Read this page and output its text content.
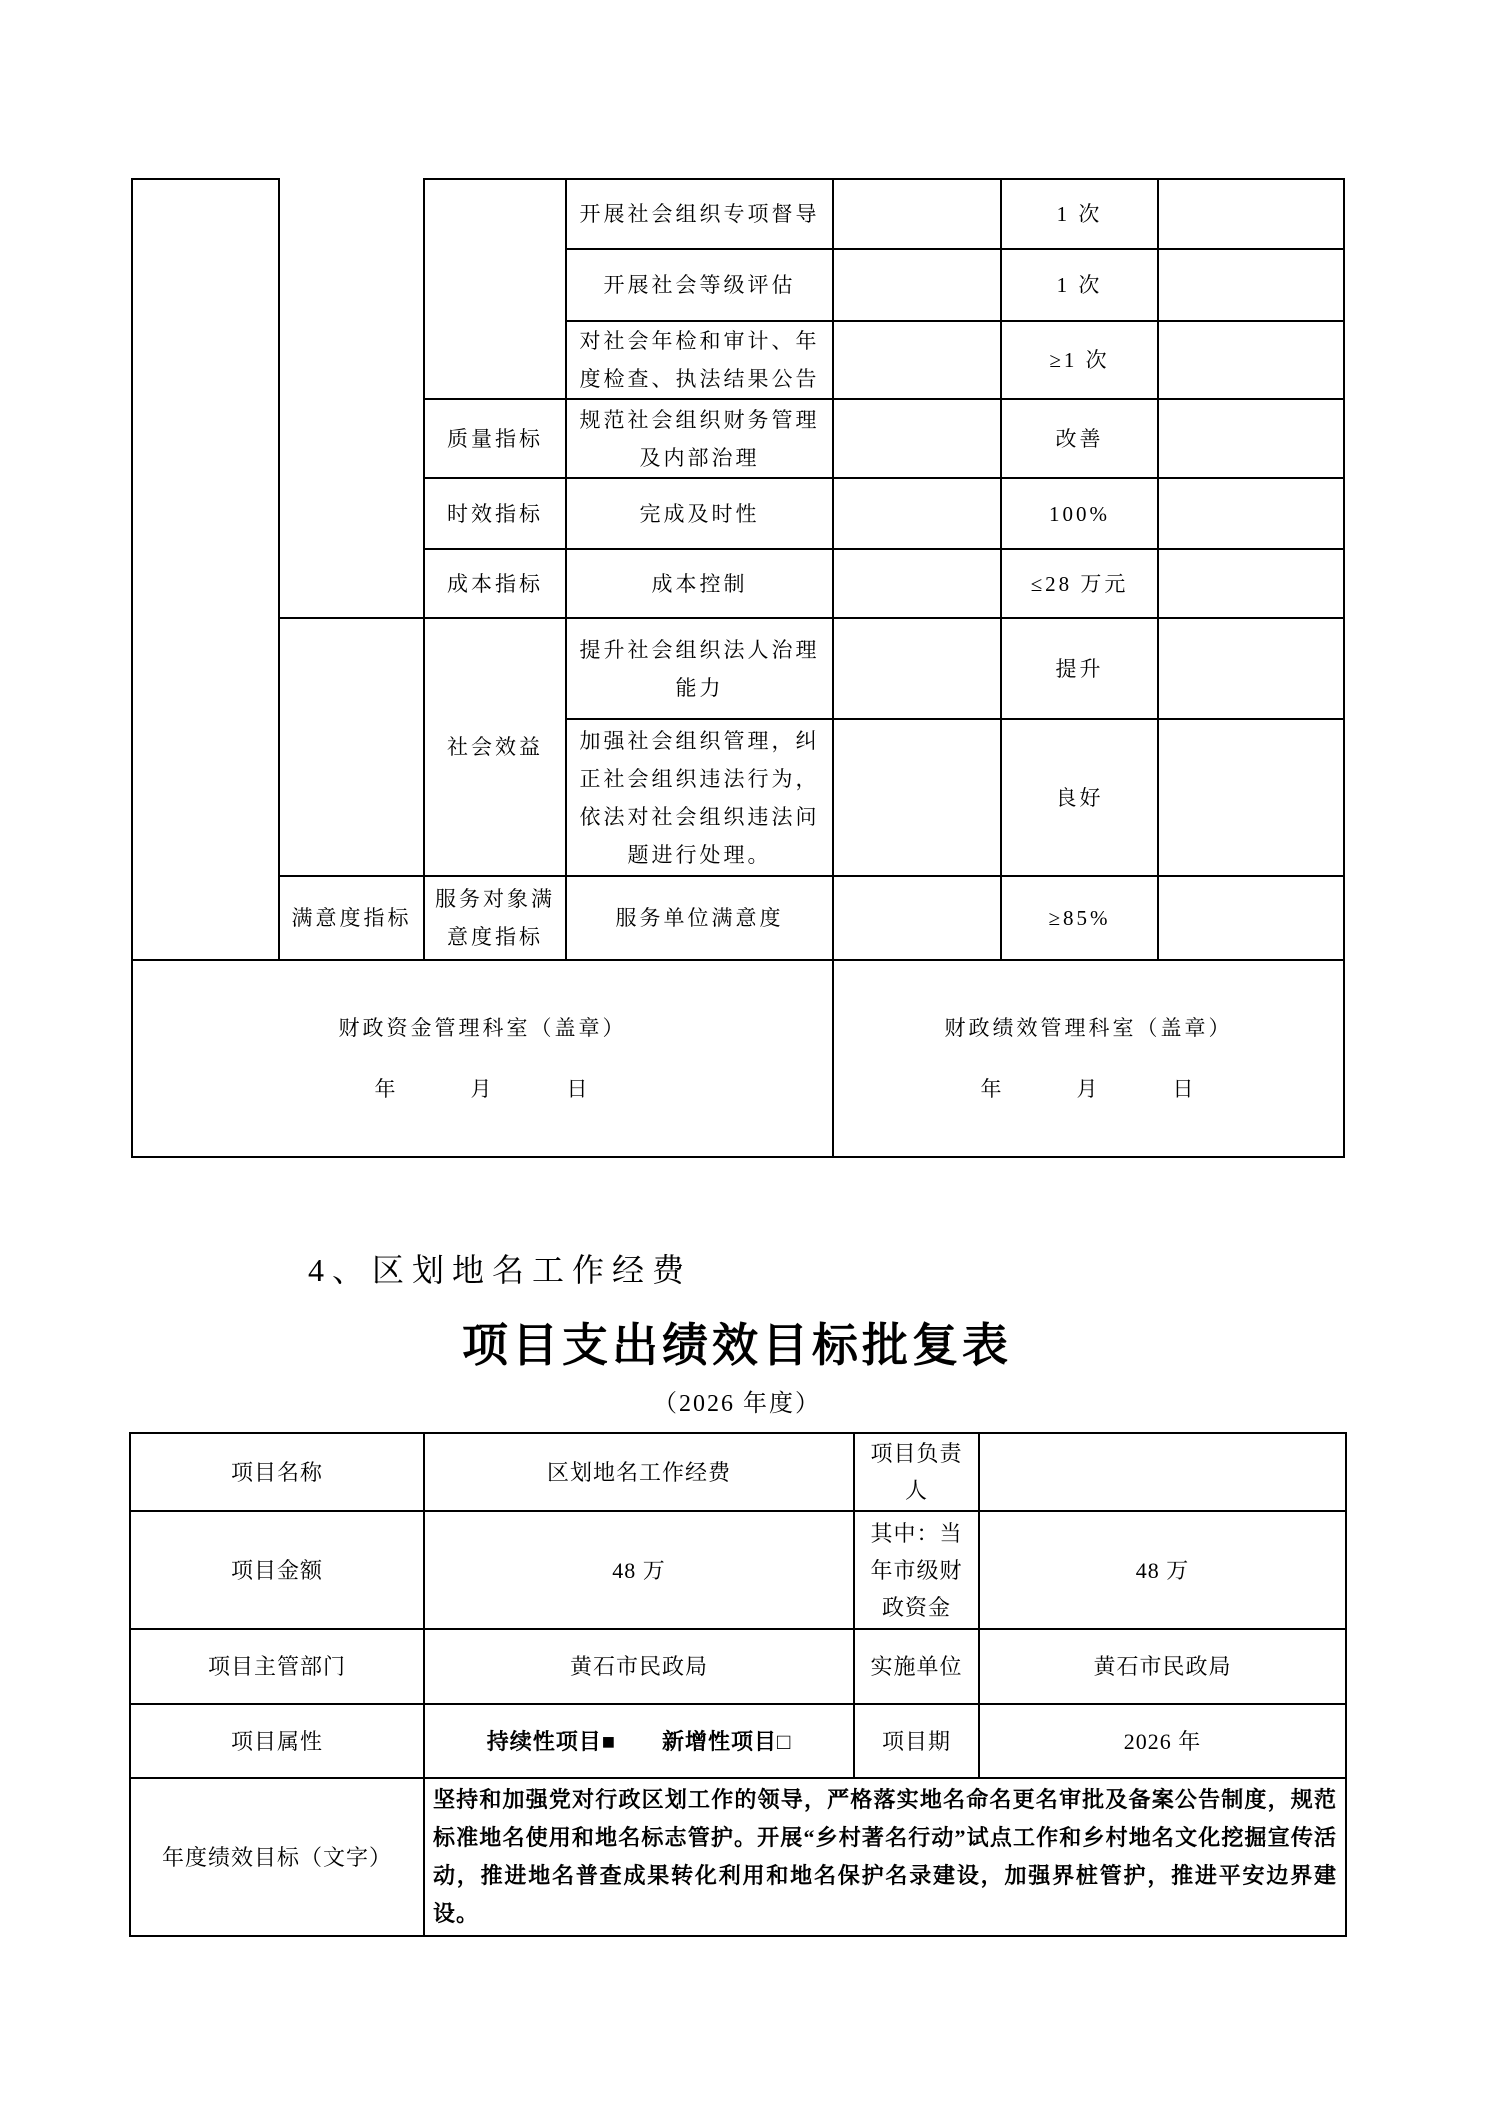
			开展社会组织专项督导		1 次	
			开展社会等级评估		1 次	
			对社会年检和审计、年度检查、执法结果公告		≥1 次	
		质量指标	规范社会组织财务管理及内部治理		改善	
		时效指标	完成及时性		100%	
		成本指标	成本控制		≤28 万元	
		社会效益	提升社会组织法人治理能力		提升	
			加强社会组织管理，纠正社会组织违法行为，依法对社会组织违法问题进行处理。		良好	
	满意度指标	服务对象满意度指标	服务单位满意度		≥85%	

财政资金管理科室（盖章）
年　　　月　　　日

财政绩效管理科室（盖章）
年　　　月　　　日
4、区划地名工作经费
项目支出绩效目标批复表
（2026 年度）
项目名称	区划地名工作经费	项目负责人	
项目金额	48 万	其中：当年市级财政资金	48 万
项目主管部门	黄石市民政局	实施单位	黄石市民政局
项目属性	持续性项目■　　新增性项目□	项目期	2026 年
年度绩效目标（文字）	坚持和加强党对行政区划工作的领导，严格落实地名命名更名审批及备案公告制度，规范标准地名使用和地名标志管护。开展“乡村著名行动”试点工作和乡村地名文化挖掘宣传活动，推进地名普查成果转化利用和地名保护名录建设，加强界桩管护，推进平安边界建设。		
